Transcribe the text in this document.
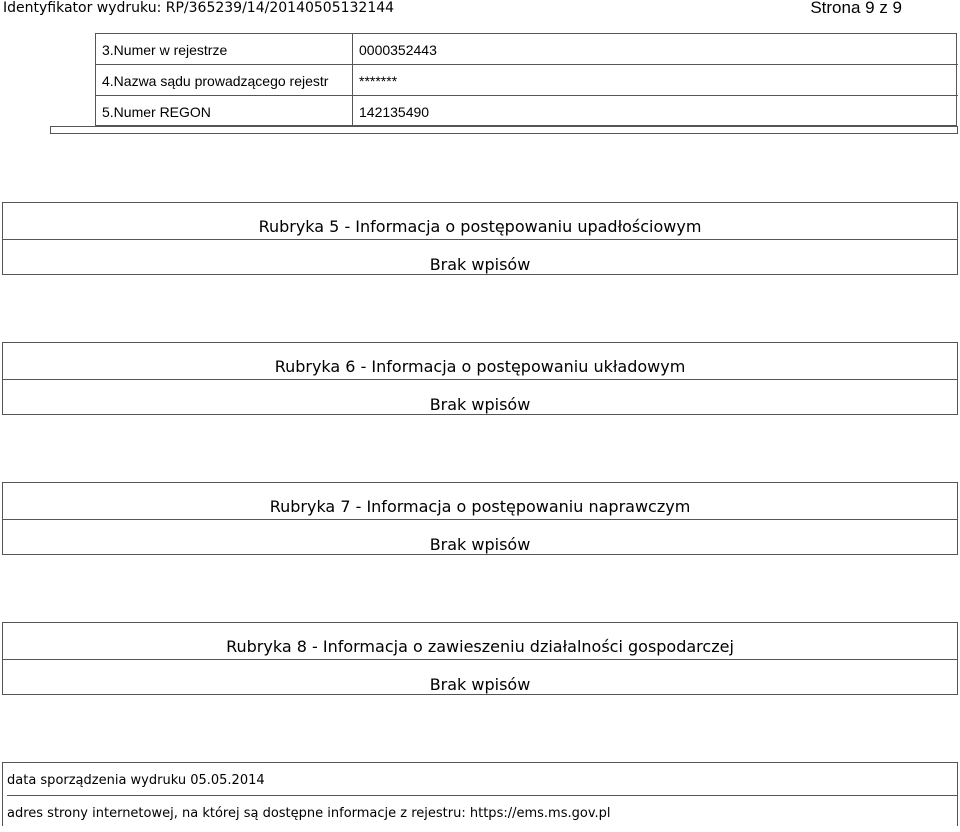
Identyfikator wydruku: RP/365239/14/20140505132144	Strona 9 z 9
3.Numer w rejestrze	0000352443
4.Nazwa sądu prowadzącego rejestr	*******
5.Numer REGON	142135490
Rubryka 5 - Informacja o postępowaniu upadłościowym
Brak wpisów
Rubryka 6 - Informacja o postępowaniu układowym
Brak wpisów
Rubryka 7 - Informacja o postępowaniu naprawczym
Brak wpisów
Rubryka 8 - Informacja o zawieszeniu działalności gospodarczej
Brak wpisów
data sporządzenia wydruku 05.05.2014
adres strony internetowej, na której są dostępne informacje z rejestru: https://ems.ms.gov.pl
